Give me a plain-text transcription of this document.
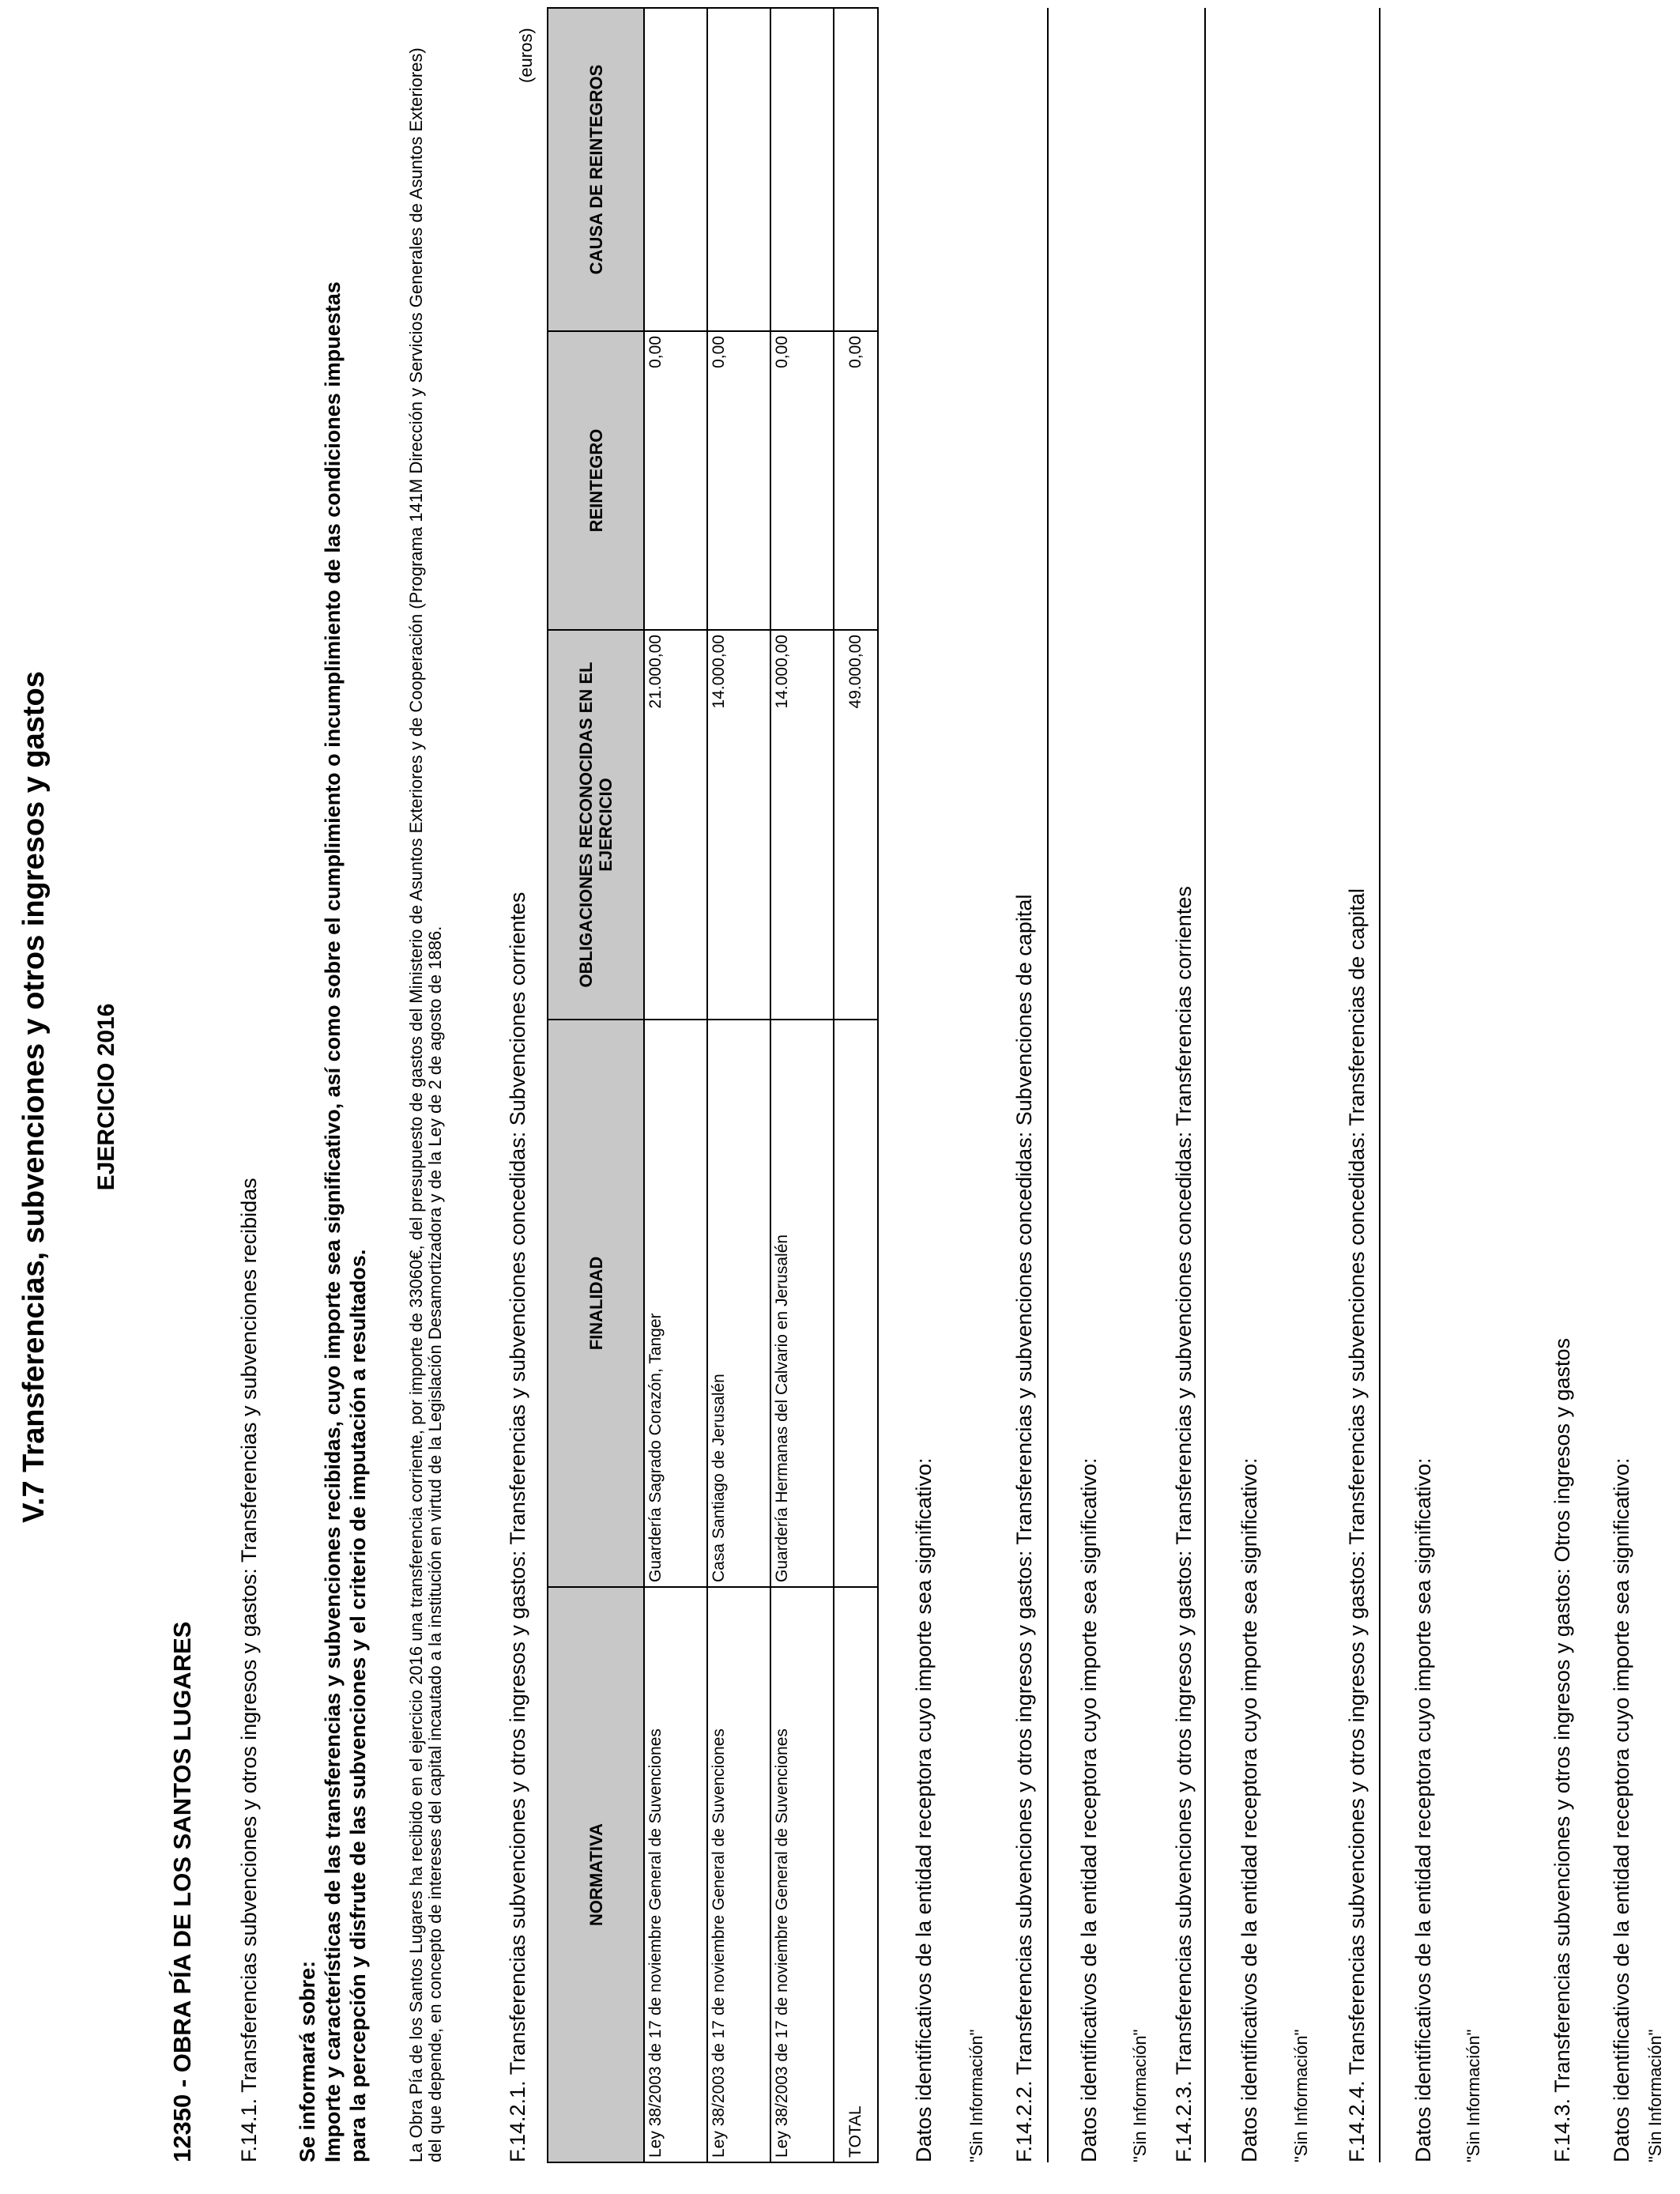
V.7 Transferencias, subvenciones y otros ingresos y gastos EJERCICIO 2016
12350 - OBRA PÍA DE LOS SANTOS LUGARES F.14.1. Transferencias subvenciones y otros ingresos y gastos: Transferencias y subvenciones recibidas Se informará sobre: Importe y características de las transferencias y subvenciones recibidas, cuyo importe sea significativo, así como sobre el cumplimiento o incumplimiento de las condiciones impuestas para la percepción y disfrute de las subvenciones y el criterio de imputación a resultados. La Obra Pía de los Santos Lugares ha recibido en el ejercicio 2016 una transferencia corriente, por importe de 33060€, del presupuesto de gastos del Ministerio de Asuntos Exteriores y de Cooperación (Programa 141M Dirección y Servicios Generales de Asuntos Exteriores) del que depende, en concepto de intereses del capital incautado a la institución en virtud de la Legislación Desamortizadora y de la Ley de 2 de agosto de 1886.	F.14.2.1. Transferencias subvenciones y otros ingresos y gastos: Transferencias y subvenciones concedidas: Subvenciones corrientes
(euros)
NORMATIVA	FINALIDAD	OBLIGACIONES RECONOCIDAS EN EL EJERCICIO	REINTEGRO	CAUSA DE REINTEGROS
Ley 38/2003 de 17 de noviembre General de Suvenciones	Guardería Sagrado Corazón, Tanger	21.000,00	0,00	
Ley 38/2003 de 17 de noviembre General de Suvenciones	Casa Santiago de Jerusalén	14.000,00	0,00	
Ley 38/2003 de 17 de noviembre General de Suvenciones	Guardería Hermanas del Calvario en Jerusalén	14.000,00	0,00	
TOTAL		49.000,00	0,00	
Datos identificativos de la entidad receptora cuyo importe sea significativo: "Sin Información" F.14.2.2. Transferencias subvenciones y otros ingresos y gastos: Transferencias y subvenciones concedidas: Subvenciones de capital Datos identificativos de la entidad receptora cuyo importe sea significativo: "Sin Información" F.14.2.3. Transferencias subvenciones y otros ingresos y gastos: Transferencias y subvenciones concedidas: Transferencias corrientes Datos identificativos de la entidad receptora cuyo importe sea significativo: "Sin Información" F.14.2.4. Transferencias subvenciones y otros ingresos y gastos: Transferencias y subvenciones concedidas: Transferencias de capital Datos identificativos de la entidad receptora cuyo importe sea significativo: "Sin Información"	F.14.3. Transferencias subvenciones y otros ingresos y gastos: Otros ingresos y gastos Datos identificativos de la entidad receptora cuyo importe sea significativo: "Sin Información"
